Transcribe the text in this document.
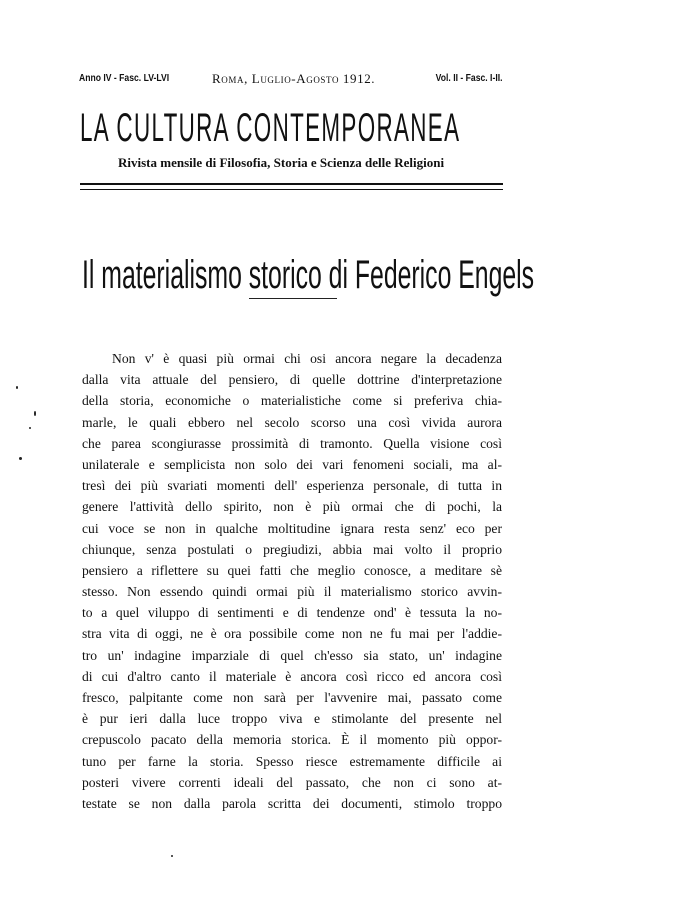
Anno IV - Fasc. LV-LVI	Roma, Luglio-Agosto 1912.	Vol. II - Fasc. I-II.
LA CULTURA CONTEMPORANEA
Rivista mensile di Filosofia, Storia e Scienza delle Religioni
Il materialismo storico di Federico Engels
Non v' è quasi più ormai chi osi ancora negare la decadenza
dalla vita attuale del pensiero, di quelle dottrine d'interpretazione
della storia, economiche o materialistiche come si preferiva chia-
marle, le quali ebbero nel secolo scorso una così vivida aurora
che parea scongiurasse prossimità di tramonto. Quella visione così
unilaterale e semplicista non solo dei vari fenomeni sociali, ma al-
tresì dei più svariati momenti dell' esperienza personale, di tutta in
genere l'attività dello spirito, non è più ormai che di pochi, la
cui voce se non in qualche moltitudine ignara resta senz' eco per
chiunque, senza postulati o pregiudizi, abbia mai volto il proprio
pensiero a riflettere su quei fatti che meglio conosce, a meditare sè
stesso. Non essendo quindi ormai più il materialismo storico avvin-
to a quel viluppo di sentimenti e di tendenze ond' è tessuta la no-
stra vita di oggi, ne è ora possibile come non ne fu mai per l'addie-
tro un' indagine imparziale di quel ch'esso sia stato, un' indagine
di cui d'altro canto il materiale è ancora così ricco ed ancora così
fresco, palpitante come non sarà per l'avvenire mai, passato come
è pur ieri dalla luce troppo viva e stimolante del presente nel
crepuscolo pacato della memoria storica. È il momento più oppor-
tuno per farne la storia. Spesso riesce estremamente difficile ai
posteri vivere correnti ideali del passato, che non ci sono at-
testate se non dalla parola scritta dei documenti, stimolo troppo
